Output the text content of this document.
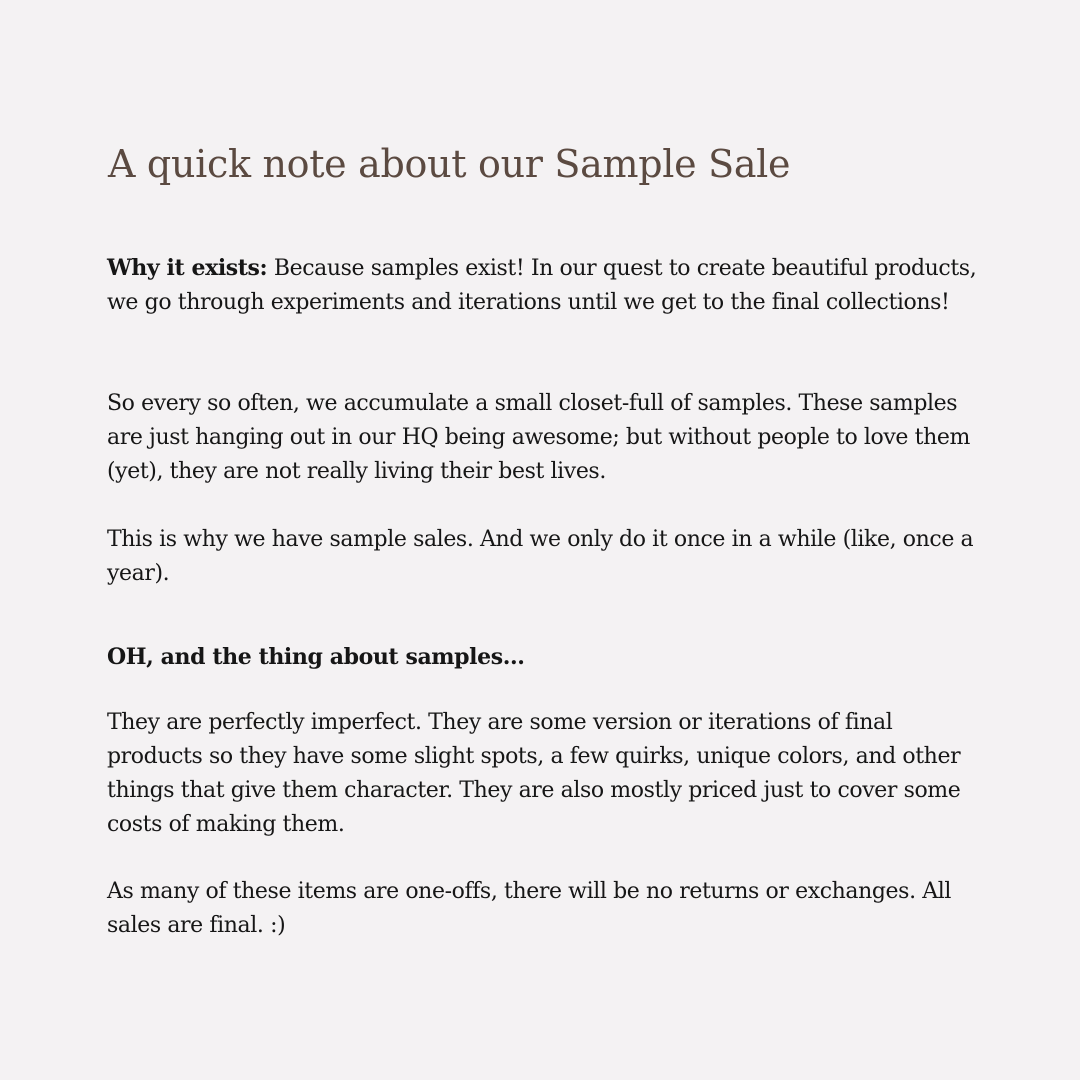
A quick note about our Sample Sale

Why it exists: Because samples exist! In our quest to create beautiful products, we go through experiments and iterations until we get to the final collections!

So every so often, we accumulate a small closet-full of samples. These samples are just hanging out in our HQ being awesome; but without people to love them (yet), they are not really living their best lives.

This is why we have sample sales. And we only do it once in a while (like, once a year).

OH, and the thing about samples...

They are perfectly imperfect. They are some version or iterations of final products so they have some slight spots, a few quirks, unique colors, and other things that give them character. They are also mostly priced just to cover some costs of making them.

As many of these items are one-offs, there will be no returns or exchanges. All sales are final. :)
